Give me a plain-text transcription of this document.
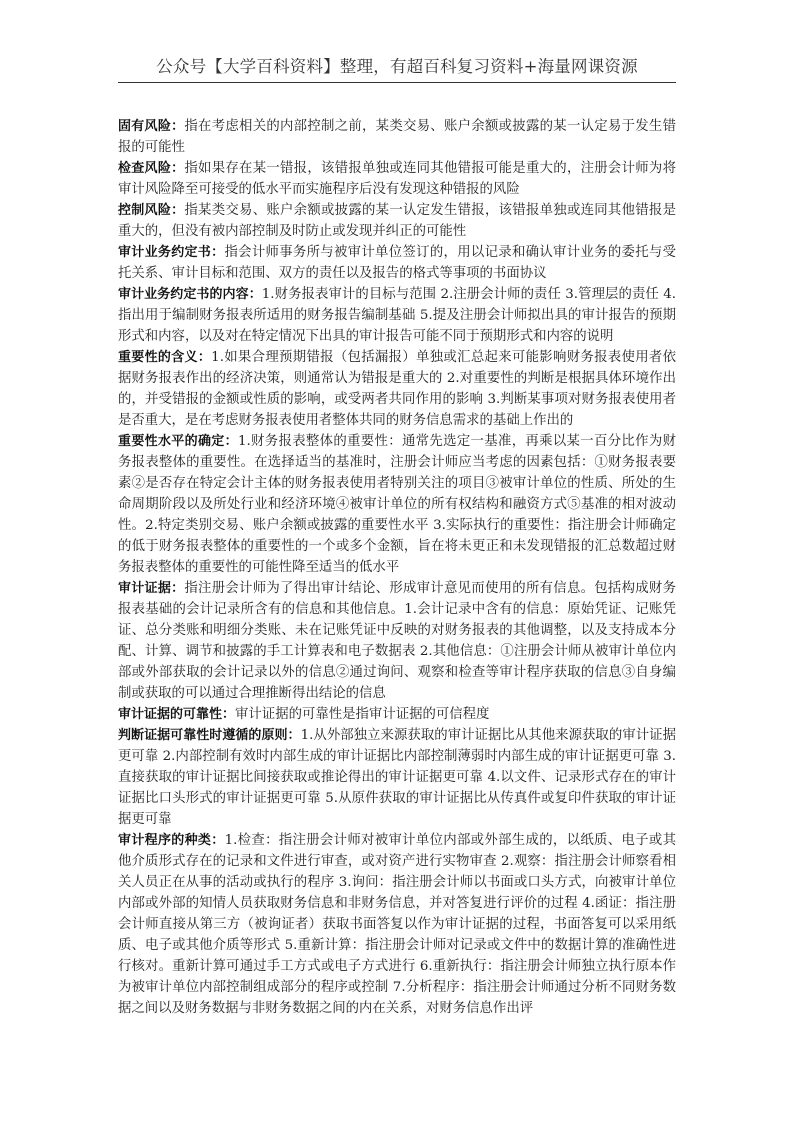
公众号【大学百科资料】整理，有超百科复习资料+海量网课资源

固有风险：指在考虑相关的内部控制之前，某类交易、账户余额或披露的某一认定易于发生错报的可能性

检查风险：指如果存在某一错报，该错报单独或连同其他错报可能是重大的，注册会计师为将审计风险降至可接受的低水平而实施程序后没有发现这种错报的风险

控制风险：指某类交易、账户余额或披露的某一认定发生错报，该错报单独或连同其他错报是重大的，但没有被内部控制及时防止或发现并纠正的可能性

审计业务约定书：指会计师事务所与被审计单位签订的，用以记录和确认审计业务的委托与受托关系、审计目标和范围、双方的责任以及报告的格式等事项的书面协议

审计业务约定书的内容：1.财务报表审计的目标与范围 2.注册会计师的责任 3.管理层的责任 4.指出用于编制财务报表所适用的财务报告编制基础 5.提及注册会计师拟出具的审计报告的预期形式和内容，以及对在特定情况下出具的审计报告可能不同于预期形式和内容的说明

重要性的含义：1.如果合理预期错报（包括漏报）单独或汇总起来可能影响财务报表使用者依据财务报表作出的经济决策，则通常认为错报是重大的 2.对重要性的判断是根据具体环境作出的，并受错报的金额或性质的影响，或受两者共同作用的影响 3.判断某事项对财务报表使用者是否重大，是在考虑财务报表使用者整体共同的财务信息需求的基础上作出的

重要性水平的确定：1.财务报表整体的重要性：通常先选定一基准，再乘以某一百分比作为财务报表整体的重要性。在选择适当的基准时，注册会计师应当考虑的因素包括：①财务报表要素②是否存在特定会计主体的财务报表使用者特别关注的项目③被审计单位的性质、所处的生命周期阶段以及所处行业和经济环境④被审计单位的所有权结构和融资方式⑤基准的相对波动性。2.特定类别交易、账户余额或披露的重要性水平 3.实际执行的重要性：指注册会计师确定的低于财务报表整体的重要性的一个或多个金额，旨在将未更正和未发现错报的汇总数超过财务报表整体的重要性的可能性降至适当的低水平

审计证据：指注册会计师为了得出审计结论、形成审计意见而使用的所有信息。包括构成财务报表基础的会计记录所含有的信息和其他信息。1.会计记录中含有的信息：原始凭证、记账凭证、总分类账和明细分类账、未在记账凭证中反映的对财务报表的其他调整，以及支持成本分配、计算、调节和披露的手工计算表和电子数据表 2.其他信息：①注册会计师从被审计单位内部或外部获取的会计记录以外的信息②通过询问、观察和检查等审计程序获取的信息③自身编制或获取的可以通过合理推断得出结论的信息

审计证据的可靠性：审计证据的可靠性是指审计证据的可信程度

判断证据可靠性时遵循的原则：1.从外部独立来源获取的审计证据比从其他来源获取的审计证据更可靠 2.内部控制有效时内部生成的审计证据比内部控制薄弱时内部生成的审计证据更可靠 3.直接获取的审计证据比间接获取或推论得出的审计证据更可靠 4.以文件、记录形式存在的审计证据比口头形式的审计证据更可靠 5.从原件获取的审计证据比从传真件或复印件获取的审计证据更可靠

审计程序的种类：1.检查：指注册会计师对被审计单位内部或外部生成的，以纸质、电子或其他介质形式存在的记录和文件进行审查，或对资产进行实物审查 2.观察：指注册会计师察看相关人员正在从事的活动或执行的程序 3.询问：指注册会计师以书面或口头方式，向被审计单位内部或外部的知情人员获取财务信息和非财务信息，并对答复进行评价的过程 4.函证：指注册会计师直接从第三方（被询证者）获取书面答复以作为审计证据的过程，书面答复可以采用纸质、电子或其他介质等形式 5.重新计算：指注册会计师对记录或文件中的数据计算的准确性进行核对。重新计算可通过手工方式或电子方式进行 6.重新执行：指注册会计师独立执行原本作为被审计单位内部控制组成部分的程序或控制 7.分析程序：指注册会计师通过分析不同财务数据之间以及财务数据与非财务数据之间的内在关系，对财务信息作出评
